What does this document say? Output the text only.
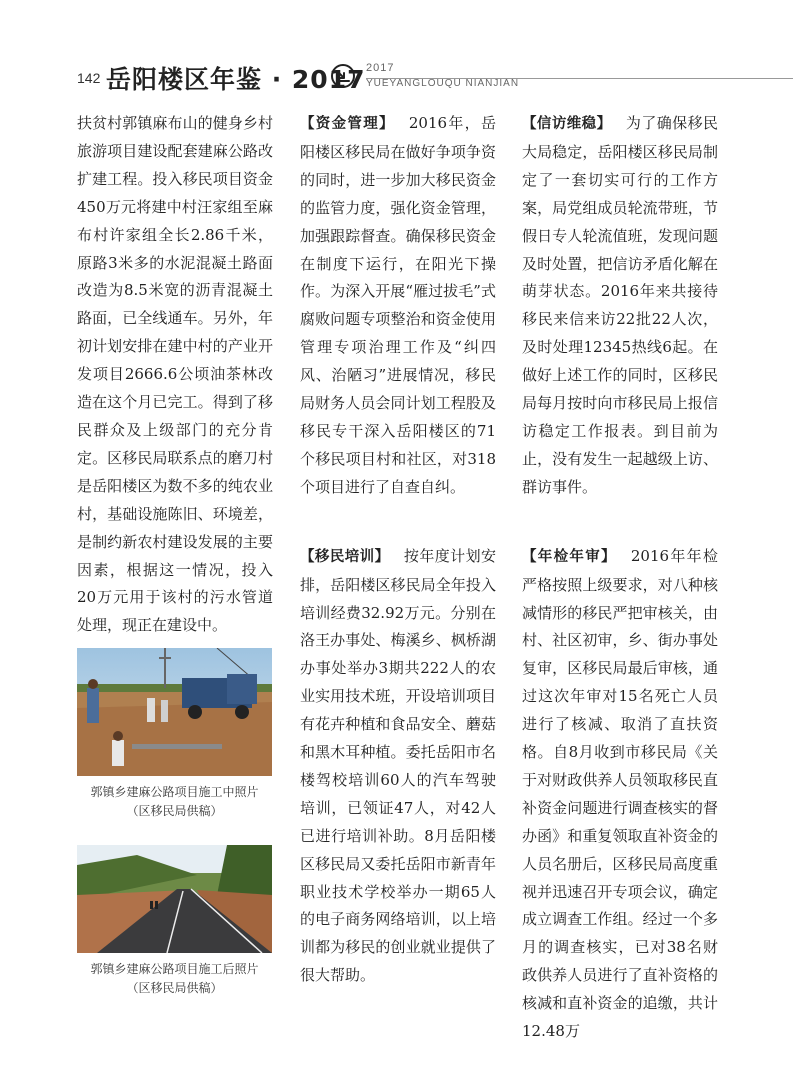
142 岳阳楼区年鉴 · 2017 2017
YUEYANGLOUQU NIANJIAN

扶贫村郭镇麻布山的健身乡村旅游项目建设配套建麻公路改扩建工程。投入移民项目资金450万元将建中村汪家组至麻布村许家组全长2.86千米，原路3米多的水泥混凝土路面改造为8.5米宽的沥青混凝土路面，已全线通车。另外，年初计划安排在建中村的产业开发项目2666.6公顷油茶林改造在这个月已完工。得到了移民群众及上级部门的充分肯定。区移民局联系点的磨刀村是岳阳楼区为数不多的纯农业村，基础设施陈旧、环境差，是制约新农村建设发展的主要因素，根据这一情况，投入20万元用于该村的污水管道处理，现正在建设中。

郭镇乡建麻公路项目施工中照片
（区移民局供稿）
郭镇乡建麻公路项目施工后照片
（区移民局供稿）

【资金管理】 2016年，岳阳楼区移民局在做好争项争资的同时，进一步加大移民资金的监管力度，强化资金管理，加强跟踪督查。确保移民资金在制度下运行，在阳光下操作。为深入开展“雁过拔毛”式腐败问题专项整治和资金使用管理专项治理工作及“纠四风、治陋习”进展情况，移民局财务人员会同计划工程股及移民专干深入岳阳楼区的71个移民项目村和社区，对318个项目进行了自查自纠。

【移民培训】 按年度计划安排，岳阳楼区移民局全年投入培训经费32.92万元。分别在洛王办事处、梅溪乡、枫桥湖办事处举办3期共222人的农业实用技术班，开设培训项目有花卉种植和食品安全、蘑菇和黑木耳种植。委托岳阳市名楼驾校培训60人的汽车驾驶培训，已领证47人，对42人已进行培训补助。8月岳阳楼区移民局又委托岳阳市新青年职业技术学校举办一期65人的电子商务网络培训，以上培训都为移民的创业就业提供了很大帮助。

【信访维稳】 为了确保移民大局稳定，岳阳楼区移民局制定了一套切实可行的工作方案，局党组成员轮流带班，节假日专人轮流值班，发现问题及时处置，把信访矛盾化解在萌芽状态。2016年来共接待移民来信来访22批22人次，及时处理12345热线6起。在做好上述工作的同时，区移民局每月按时向市移民局上报信访稳定工作报表。到目前为止，没有发生一起越级上访、群访事件。

【年检年审】 2016年年检严格按照上级要求，对八种核减情形的移民严把审核关，由村、社区初审，乡、街办事处复审，区移民局最后审核，通过这次年审对15名死亡人员进行了核减、取消了直扶资格。自8月收到市移民局《关于对财政供养人员领取移民直补资金问题进行调查核实的督办函》和重复领取直补资金的人员名册后，区移民局高度重视并迅速召开专项会议，确定成立调查工作组。经过一个多月的调查核实，已对38名财政供养人员进行了直补资格的核减和直补资金的追缴，共计12.48万
